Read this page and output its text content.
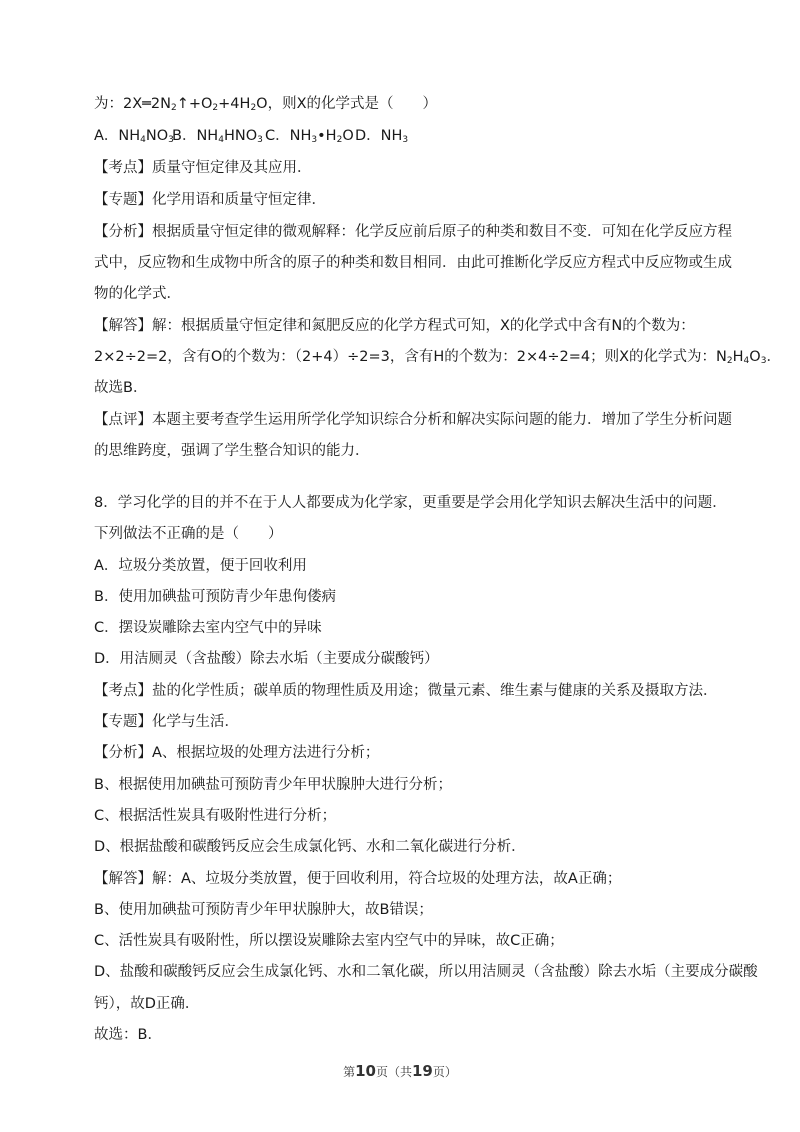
为：$2X═2N_2↑+O_2+4H_2O$，则X的化学式是（　　）
A．$NH_4NO_3B$．$NH_4HNO_3$ C．$NH_3•H_2OD$．$NH_3$
【考点】质量守恒定律及其应用．
【专题】化学用语和质量守恒定律．
【分析】根据质量守恒定律的微观解释：化学反应前后原子的种类和数目不变．可知在化学反应方程
式中，反应物和生成物中所含的原子的种类和数目相同．由此可推断化学反应方程式中反应物或生成
物的化学式．
【解答】解：根据质量守恒定律和氮肥反应的化学方程式可知，X的化学式中含有N的个数为：
2×2÷2=2，含有O的个数为：（2+4）÷2=3，含有H的个数为：2×4÷2=4；则X的化学式为：$N_2H_4O_3$．
故选B．
【点评】本题主要考查学生运用所学化学知识综合分析和解决实际问题的能力．增加了学生分析问题
的思维跨度，强调了学生整合知识的能力．
8．学习化学的目的并不在于人人都要成为化学家，更重要是学会用化学知识去解决生活中的问题．
下列做法不正确的是（　　）
A．垃圾分类放置，便于回收利用
B．使用加碘盐可预防青少年患佝偻病
C．摆设炭雕除去室内空气中的异味
D．用洁厕灵（含盐酸）除去水垢（主要成分碳酸钙）
【考点】盐的化学性质；碳单质的物理性质及用途；微量元素、维生素与健康的关系及摄取方法．
【专题】化学与生活．
【分析】A、根据垃圾的处理方法进行分析；
B、根据使用加碘盐可预防青少年甲状腺肿大进行分析；
C、根据活性炭具有吸附性进行分析；
D、根据盐酸和碳酸钙反应会生成氯化钙、水和二氧化碳进行分析．
【解答】解：A、垃圾分类放置，便于回收利用，符合垃圾的处理方法，故A正确；
B、使用加碘盐可预防青少年甲状腺肿大，故B错误；
C、活性炭具有吸附性，所以摆设炭雕除去室内空气中的异味，故C正确；
D、盐酸和碳酸钙反应会生成氯化钙、水和二氧化碳，所以用洁厕灵（含盐酸）除去水垢（主要成分碳酸
钙），故D正确．
故选：B．
第10页（共19页）
